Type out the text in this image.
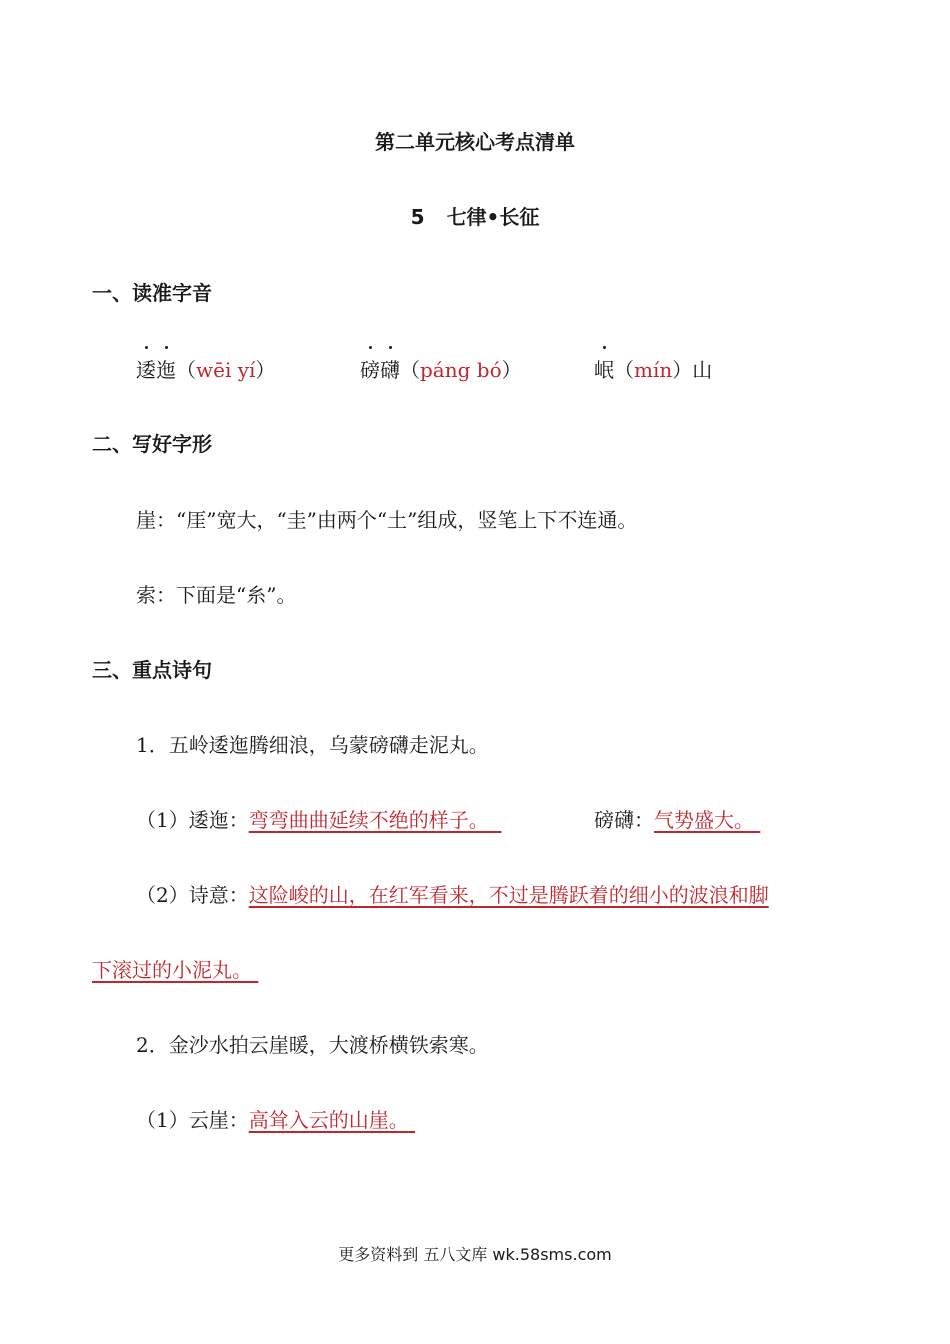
第二单元核心考点清单
5 七律•长征
一、读准字音
逶迤（wēi yí）	磅礴（páng bó）	岷（mín）山
二、写好字形
崖：“厓”宽大，“圭”由两个“土”组成，竖笔上下不连通。
索：下面是“糸”。
三、重点诗句
1．五岭逶迤腾细浪，乌蒙磅礴走泥丸。
（1）逶迤：弯弯曲曲延续不绝的样子。	磅礴：气势盛大。
（2）诗意：这险峻的山，在红军看来，不过是腾跃着的细小的波浪和脚
下滚过的小泥丸。
2．金沙水拍云崖暖，大渡桥横铁索寒。
（1）云崖：高耸入云的山崖。
更多资料到 五八文库 wk.58sms.com
